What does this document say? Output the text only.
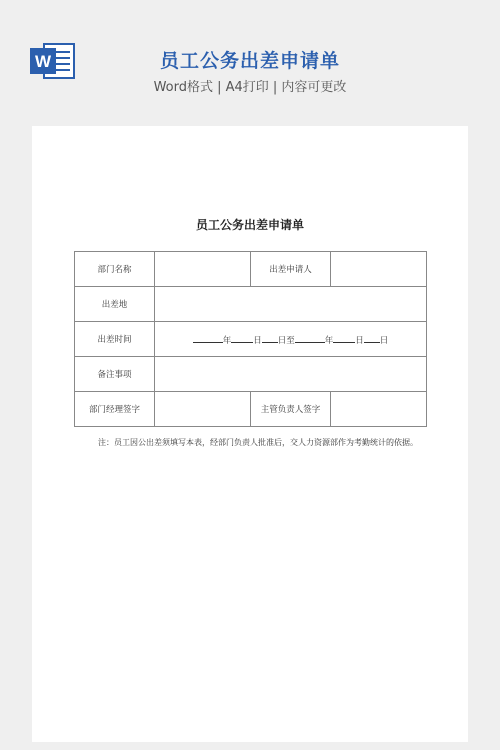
W	员工公务出差申请单
Word格式 | A4打印 | 内容可更改
员工公务出差申请单
部门名称		出差申请人	
出差地			
出差时间	年 日 日至 年 日 日		
备注事项			
部门经理签字		主管负责人签字	
注：员工因公出差须填写本表，经部门负责人批准后，交人力资源部作为考勤统计的依据。
